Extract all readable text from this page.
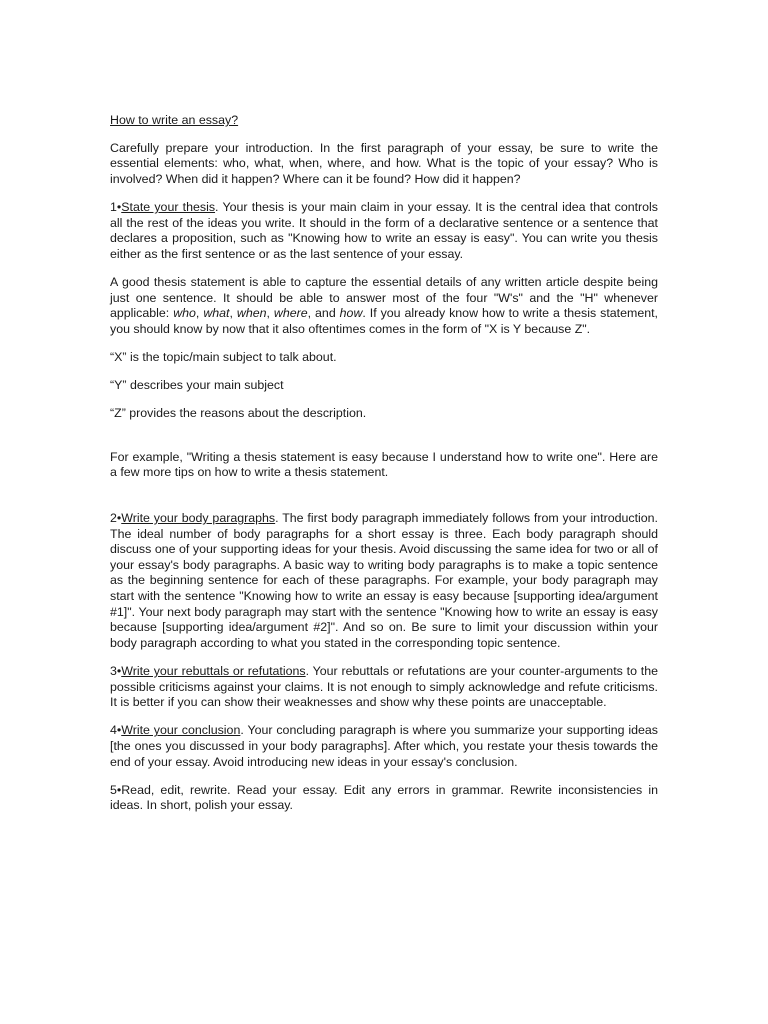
How to write an essay?

Carefully prepare your introduction. In the first paragraph of your essay, be sure to write the essential elements: who, what, when, where, and how. What is the topic of your essay? Who is involved? When did it happen? Where can it be found? How did it happen?

1•State your thesis. Your thesis is your main claim in your essay. It is the central idea that controls all the rest of the ideas you write. It should in the form of a declarative sentence or a sentence that declares a proposition, such as "Knowing how to write an essay is easy". You can write you thesis either as the first sentence or as the last sentence of your essay.

A good thesis statement is able to capture the essential details of any written article despite being just one sentence. It should be able to answer most of the four "W's" and the "H" whenever applicable: who, what, when, where, and how. If you already know how to write a thesis statement, you should know by now that it also oftentimes comes in the form of "X is Y because Z".

“X” is the topic/main subject to talk about.

“Y” describes your main subject

“Z” provides the reasons about the description.

For example, "Writing a thesis statement is easy because I understand how to write one". Here are a few more tips on how to write a thesis statement.

2•Write your body paragraphs. The first body paragraph immediately follows from your introduction. The ideal number of body paragraphs for a short essay is three. Each body paragraph should discuss one of your supporting ideas for your thesis. Avoid discussing the same idea for two or all of your essay's body paragraphs. A basic way to writing body paragraphs is to make a topic sentence as the beginning sentence for each of these paragraphs. For example, your body paragraph may start with the sentence "Knowing how to write an essay is easy because [supporting idea/argument #1]". Your next body paragraph may start with the sentence "Knowing how to write an essay is easy because [supporting idea/argument #2]". And so on. Be sure to limit your discussion within your body paragraph according to what you stated in the corresponding topic sentence.

3•Write your rebuttals or refutations. Your rebuttals or refutations are your counter-arguments to the possible criticisms against your claims. It is not enough to simply acknowledge and refute criticisms. It is better if you can show their weaknesses and show why these points are unacceptable.

4•Write your conclusion. Your concluding paragraph is where you summarize your supporting ideas [the ones you discussed in your body paragraphs]. After which, you restate your thesis towards the end of your essay. Avoid introducing new ideas in your essay's conclusion.

5•Read, edit, rewrite. Read your essay. Edit any errors in grammar. Rewrite inconsistencies in ideas. In short, polish your essay.
